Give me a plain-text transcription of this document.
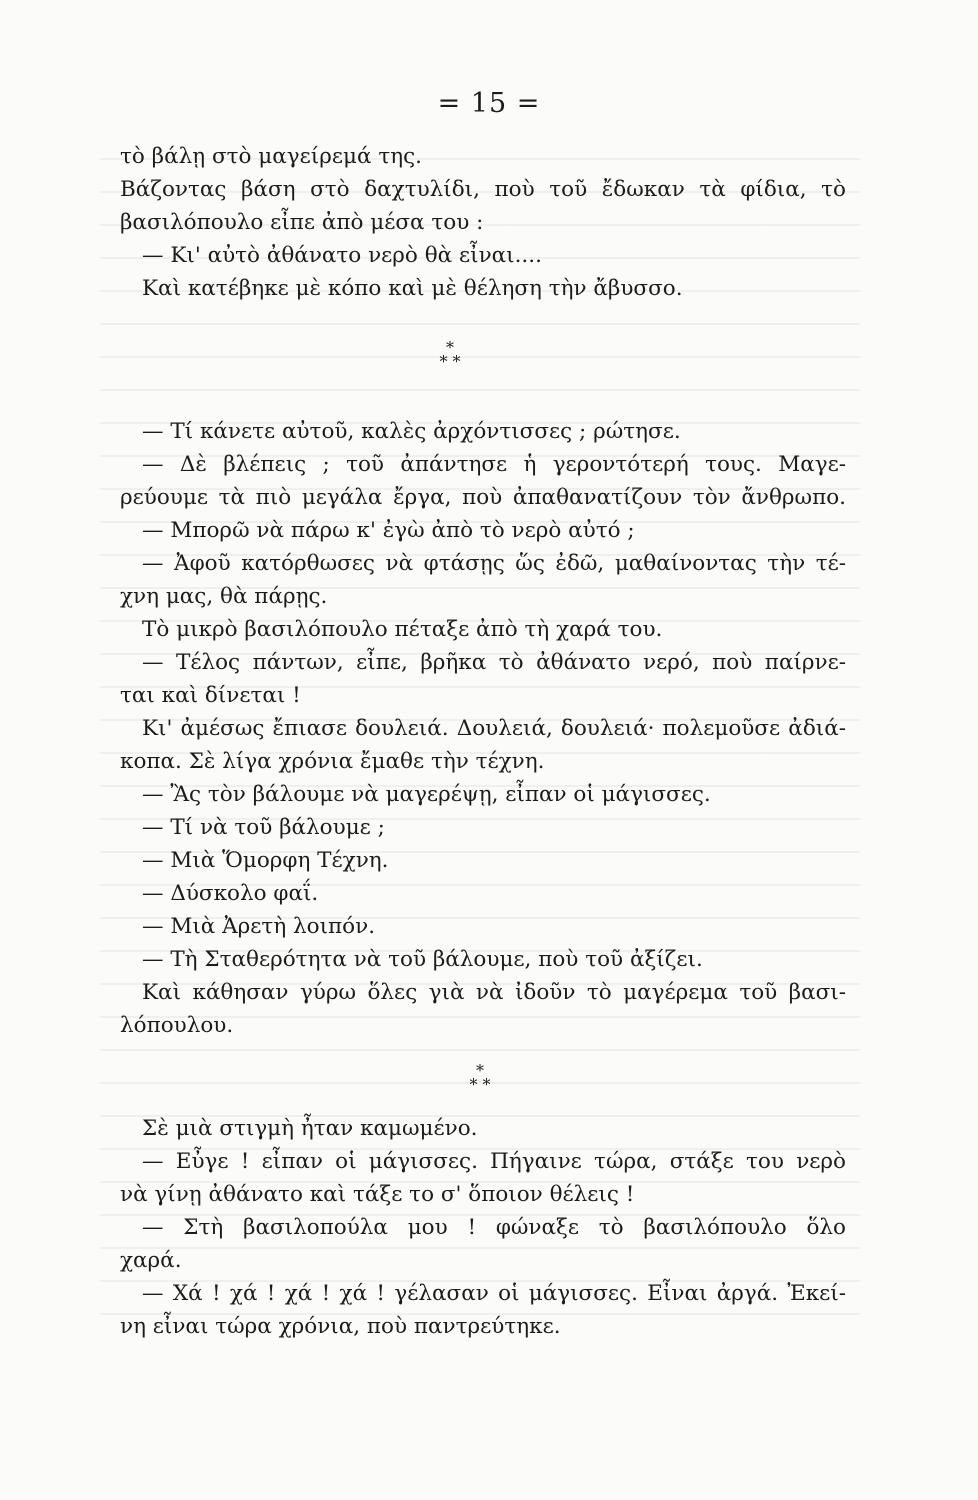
= 15 =
τὸ βάλῃ στὸ μαγείρεμά της.
Βάζοντας βάση στὸ δαχτυλίδι, ποὺ τοῦ ἔδωκαν τὰ φίδια, τὸ
βασιλόπουλο εἶπε ἀπὸ μέσα του :
— Κι' αὐτὸ ἀθάνατο νερὸ θὰ εἶναι....
Καὶ κατέβηκε μὲ κόπο καὶ μὲ θέληση τὴν ἄβυσσο.
*
* *
— Τί κάνετε αὐτοῦ, καλὲς ἀρχόντισσες ; ρώτησε.
— Δὲ βλέπεις ; τοῦ ἀπάντησε ἡ γεροντότερή τους. Μαγε-
ρεύουμε τὰ πιὸ μεγάλα ἔργα, ποὺ ἀπαθανατίζουν τὸν ἄνθρωπο.
— Μπορῶ νὰ πάρω κ' ἐγὼ ἀπὸ τὸ νερὸ αὐτό ;
— Ἀφοῦ κατόρθωσες νὰ φτάσῃς ὥς ἐδῶ, μαθαίνοντας τὴν τέ-
χνη μας, θὰ πάρῃς.
Τὸ μικρὸ βασιλόπουλο πέταξε ἀπὸ τὴ χαρά του.
— Τέλος πάντων, εἶπε, βρῆκα τὸ ἀθάνατο νερό, ποὺ παίρνε-
ται καὶ δίνεται !
Κι' ἀμέσως ἔπιασε δουλειά. Δουλειά, δουλειά· πολεμοῦσε ἀδιά-
κοπα. Σὲ λίγα χρόνια ἔμαθε τὴν τέχνη.
— Ἂς τὸν βάλουμε νὰ μαγερέψῃ, εἶπαν οἱ μάγισσες.
— Τί νὰ τοῦ βάλουμε ;
— Μιὰ Ὅμορφη Τέχνη.
— Δύσκολο φαΐ.
— Μιὰ Ἀρετὴ λοιπόν.
— Τὴ Σταθερότητα νὰ τοῦ βάλουμε, ποὺ τοῦ ἀξίζει.
Καὶ κάθησαν γύρω ὅλες γιὰ νὰ ἰδοῦν τὸ μαγέρεμα τοῦ βασι-
λόπουλου.
*
* *
Σὲ μιὰ στιγμὴ ἦταν καμωμένο.
— Εὖγε ! εἶπαν οἱ μάγισσες. Πήγαινε τώρα, στάξε του νερὸ
νὰ γίνῃ ἀθάνατο καὶ τάξε το σ' ὅποιον θέλεις !
— Στὴ βασιλοπούλα μου ! φώναξε τὸ βασιλόπουλο ὅλο
χαρά.
— Χά ! χά ! χά ! χά ! γέλασαν οἱ μάγισσες. Εἶναι ἀργά. Ἐκεί-
νη εἶναι τώρα χρόνια, ποὺ παντρεύτηκε.
